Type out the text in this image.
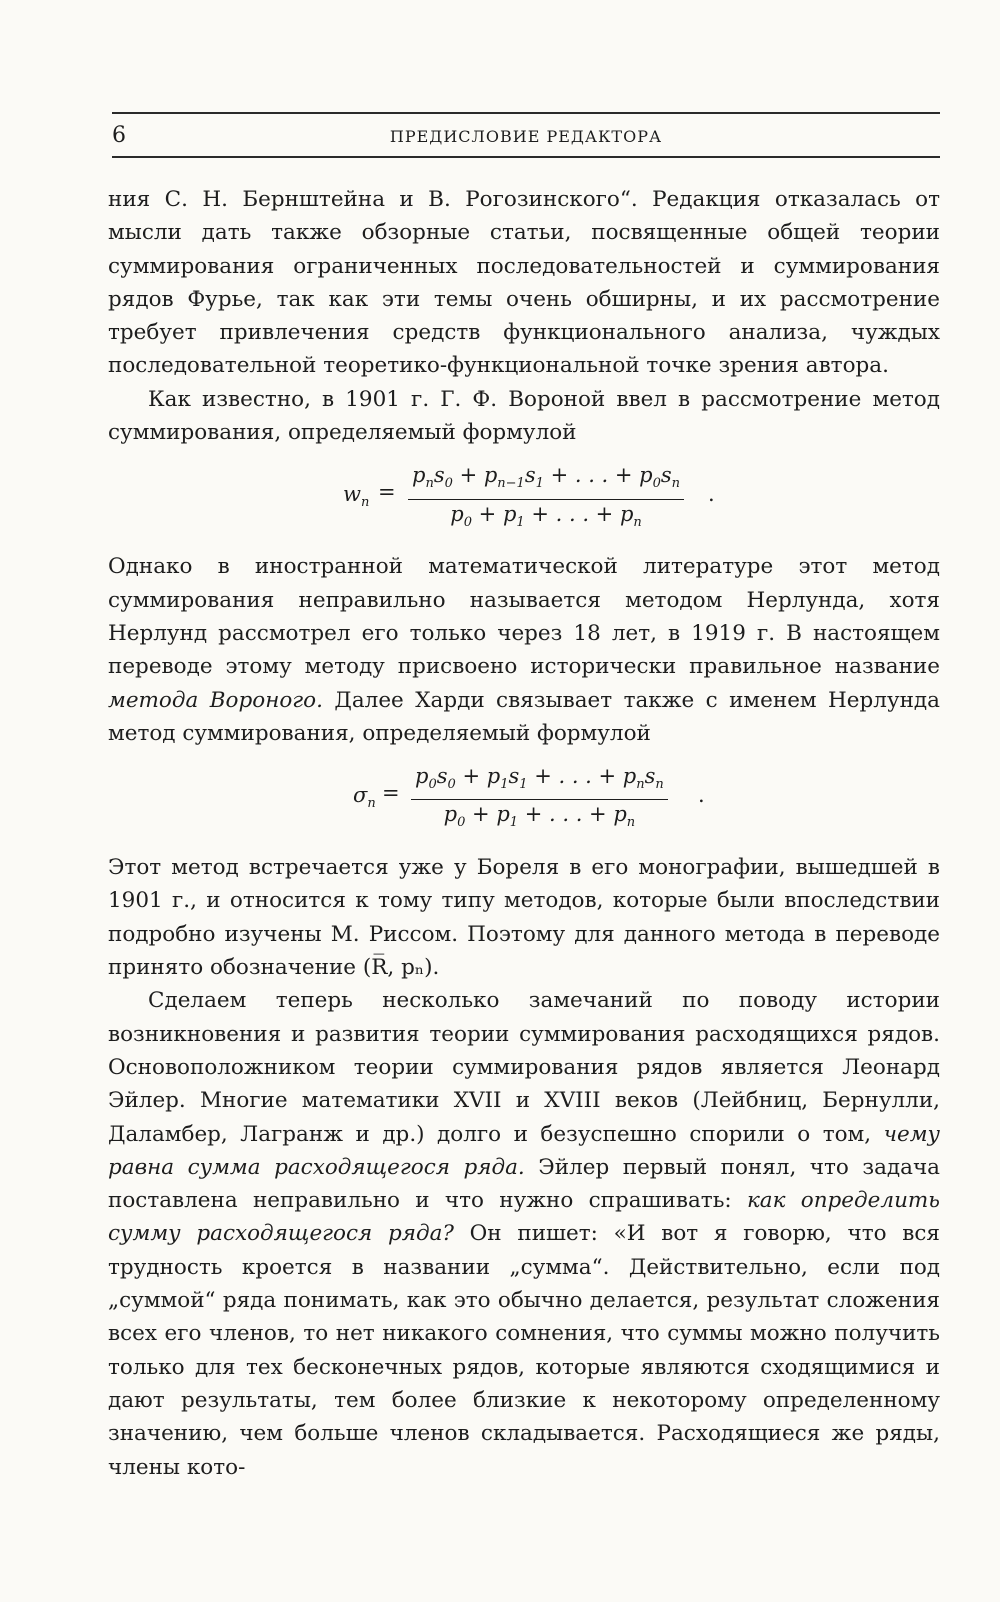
6	ПРЕДИСЛОВИЕ РЕДАКТОРА

ния С. Н. Бернштейна и В. Рогозинского“. Редакция отказалась от мысли дать также обзорные статьи, посвященные общей теории суммирования ограниченных последовательностей и суммирования рядов Фурье, так как эти темы очень обширны, и их рассмотрение требует привлечения средств функционального анализа, чуждых последовательной теоретико-функциональной точке зрения автора.

Как известно, в 1901 г. Г. Ф. Вороной ввел в рассмотрение метод суммирования, определяемый формулой

$w_n$ =
$p_ns_0 + p_{n-1}s_1$ + . . . + $p_0s_n$
$p_0 + p_1$ + . . . + $p_n$
.

Однако в иностранной математической литературе этот метод суммирования неправильно называется методом Нерлунда, хотя Нерлунд рассмотрел его только через 18 лет, в 1919 г. В настоящем переводе этому методу присвоено исторически правильное название метода Вороного. Далее Харди связывает также с именем Нерлунда метод суммирования, определяемый формулой

$\sigma_n$ =
$p_0s_0 + p_1s_1$ + . . . + $p_ns_n$
$p_0 + p_1$ + . . . + $p_n$
.

Этот метод встречается уже у Бореля в его монографии, вышедшей в 1901 г., и относится к тому типу методов, которые были впоследствии подробно изучены М. Риссом. Поэтому для данного метода в переводе принято обозначение (R̅, pₙ).

Сделаем теперь несколько замечаний по поводу истории возникновения и развития теории суммирования расходящихся рядов. Основоположником теории суммирования рядов является Леонард Эйлер. Многие математики XVII и XVIII веков (Лейбниц, Бернулли, Даламбер, Лагранж и др.) долго и безуспешно спорили о том, чему равна сумма расходящегося ряда. Эйлер первый понял, что задача поставлена неправильно и что нужно спрашивать: как определить сумму расходящегося ряда? Он пишет: «И вот я говорю, что вся трудность кроется в названии „сумма“. Действительно, если под „суммой“ ряда понимать, как это обычно делается, результат сложения всех его членов, то нет никакого сомнения, что суммы можно получить только для тех бесконечных рядов, которые являются сходящимися и дают результаты, тем более близкие к некоторому определенному значению, чем больше членов складывается. Расходящиеся же ряды, члены кото-
